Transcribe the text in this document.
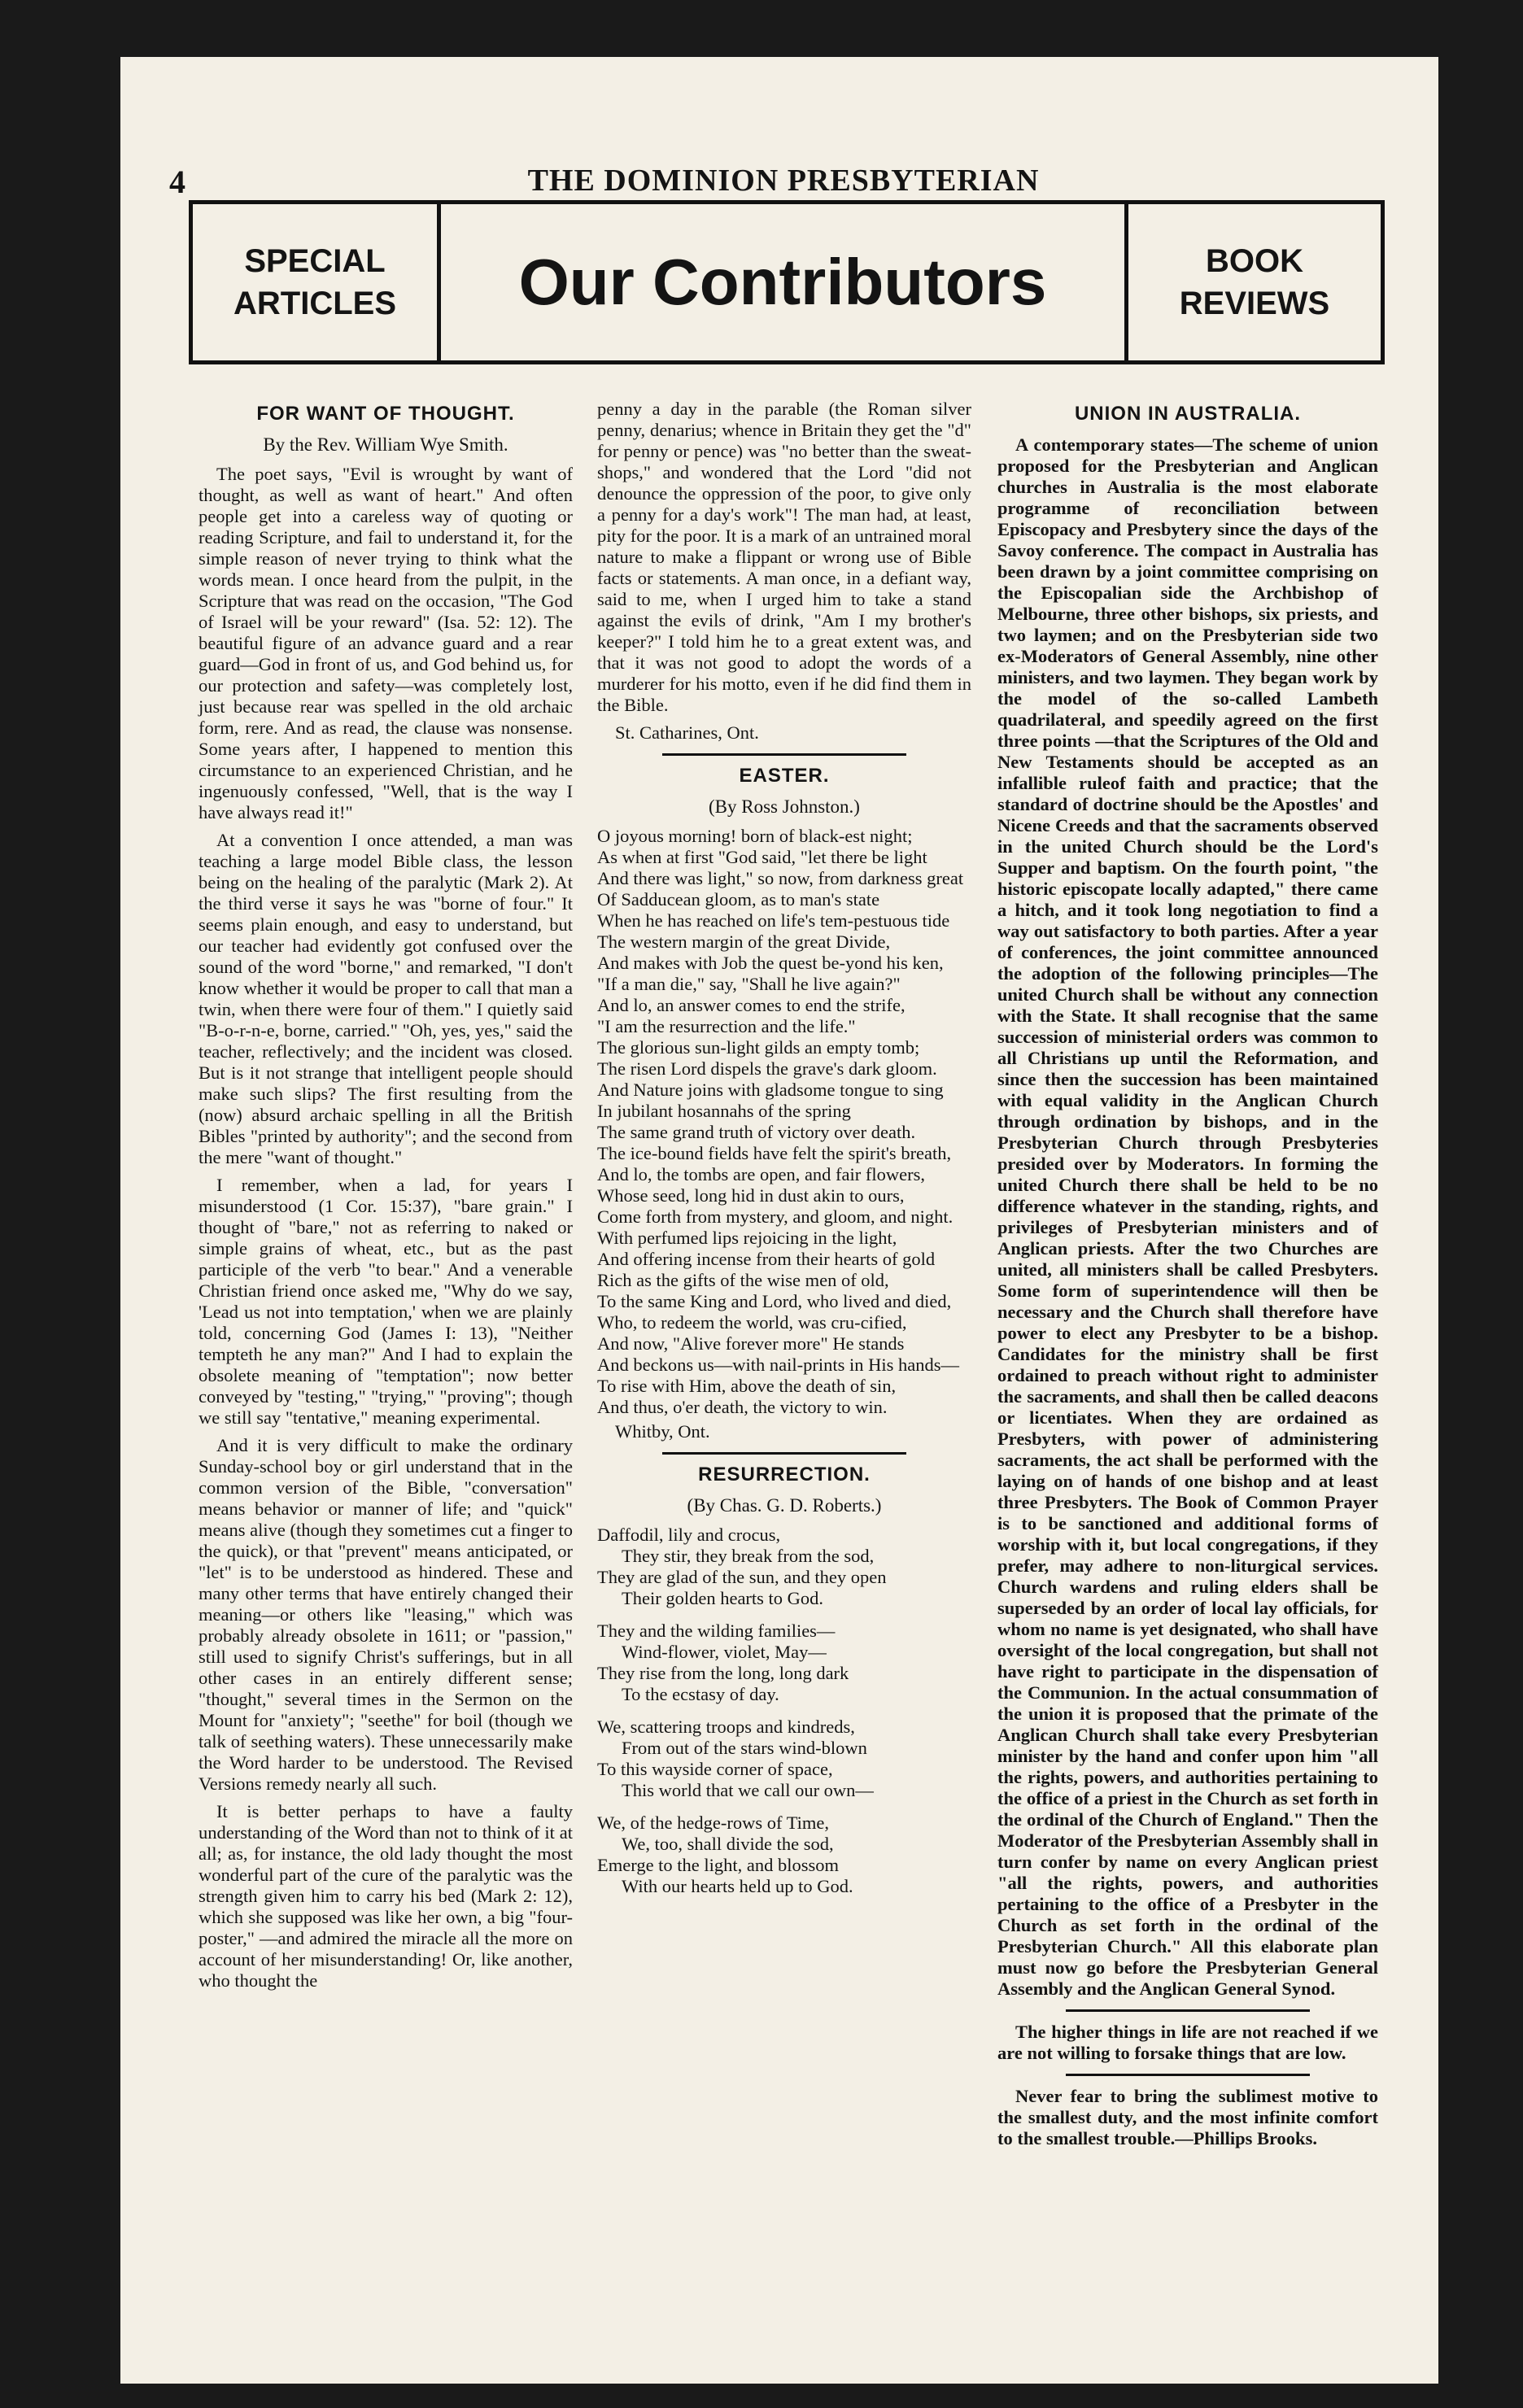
4	THE DOMINION PRESBYTERIAN
SPECIAL
ARTICLES	Our Contributors	BOOK
REVIEWS
FOR WANT OF THOUGHT.
By the Rev. William Wye Smith.

The poet says, "Evil is wrought by want of thought, as well as want of heart." And often people get into a careless way of quoting or reading Scripture, and fail to understand it, for the simple reason of never trying to think what the words mean. I once heard from the pulpit, in the Scripture that was read on the occasion, "The God of Israel will be your reward" (Isa. 52: 12). The beautiful figure of an advance guard and a rear guard—God in front of us, and God behind us, for our protection and safety—was completely lost, just because rear was spelled in the old archaic form, rere. And as read, the clause was nonsense. Some years after, I happened to mention this circumstance to an experienced Christian, and he ingenuously confessed, "Well, that is the way I have always read it!"

At a convention I once attended, a man was teaching a large model Bible class, the lesson being on the healing of the paralytic (Mark 2). At the third verse it says he was "borne of four." It seems plain enough, and easy to understand, but our teacher had evidently got confused over the sound of the word "borne," and remarked, "I don't know whether it would be proper to call that man a twin, when there were four of them." I quietly said "B-o-r-n-e, borne, carried." "Oh, yes, yes," said the teacher, reflectively; and the incident was closed. But is it not strange that intelligent people should make such slips? The first resulting from the (now) absurd archaic spelling in all the British Bibles "printed by authority"; and the second from the mere "want of thought."

I remember, when a lad, for years I misunderstood (1 Cor. 15:37), "bare grain." I thought of "bare," not as referring to naked or simple grains of wheat, etc., but as the past participle of the verb "to bear." And a venerable Christian friend once asked me, "Why do we say, 'Lead us not into temptation,' when we are plainly told, concerning God (James I: 13), "Neither tempteth he any man?" And I had to explain the obsolete meaning of "temptation"; now better conveyed by "testing," "trying," "proving"; though we still say "tentative," meaning experimental.

And it is very difficult to make the ordinary Sunday-school boy or girl understand that in the common version of the Bible, "conversation" means behavior or manner of life; and "quick" means alive (though they sometimes cut a finger to the quick), or that "prevent" means anticipated, or "let" is to be understood as hindered. These and many other terms that have entirely changed their meaning—or others like "leasing," which was probably already obsolete in 1611; or "passion," still used to signify Christ's sufferings, but in all other cases in an entirely different sense; "thought," several times in the Sermon on the Mount for "anxiety"; "seethe" for boil (though we talk of seething waters). These unnecessarily make the Word harder to be understood. The Revised Versions remedy nearly all such.

It is better perhaps to have a faulty understanding of the Word than not to think of it at all; as, for instance, the old lady thought the most wonderful part of the cure of the paralytic was the strength given him to carry his bed (Mark 2: 12), which she supposed was like her own, a big "four-poster," —and admired the miracle all the more on account of her misunderstanding! Or, like another, who thought the

penny a day in the parable (the Roman silver penny, denarius; whence in Britain they get the "d" for penny or pence) was "no better than the sweat-shops," and wondered that the Lord "did not denounce the oppression of the poor, to give only a penny for a day's work"! The man had, at least, pity for the poor. It is a mark of an untrained moral nature to make a flippant or wrong use of Bible facts or statements. A man once, in a defiant way, said to me, when I urged him to take a stand against the evils of drink, "Am I my brother's keeper?" I told him he to a great extent was, and that it was not good to adopt the words of a murderer for his motto, even if he did find them in the Bible.

St. Catharines, Ont.
EASTER.
(By Ross Johnston.)
O joyous morning! born of black-est night;
As when at first "God said, "let there be light
And there was light," so now, from darkness great
Of Sadducean gloom, as to man's state
When he has reached on life's tem-pestuous tide
The western margin of the great Divide,
And makes with Job the quest be-yond his ken,
"If a man die," say, "Shall he live again?"
And lo, an answer comes to end the strife,
"I am the resurrection and the life."
The glorious sun-light gilds an empty tomb;
The risen Lord dispels the grave's dark gloom.
And Nature joins with gladsome tongue to sing
In jubilant hosannahs of the spring
The same grand truth of victory over death.
The ice-bound fields have felt the spirit's breath,
And lo, the tombs are open, and fair flowers,
Whose seed, long hid in dust akin to ours,
Come forth from mystery, and gloom, and night.
With perfumed lips rejoicing in the light,
And offering incense from their hearts of gold
Rich as the gifts of the wise men of old,
To the same King and Lord, who lived and died,
Who, to redeem the world, was cru-cified,
And now, "Alive forever more" He stands
And beckons us—with nail-prints in His hands—
To rise with Him, above the death of sin,
And thus, o'er death, the victory to win.
Whitby, Ont.
RESURRECTION.
(By Chas. G. D. Roberts.)
Daffodil, lily and crocus,
They stir, they break from the sod,
They are glad of the sun, and they open
Their golden hearts to God.
They and the wilding families—
Wind-flower, violet, May—
They rise from the long, long dark
To the ecstasy of day.
We, scattering troops and kindreds,
From out of the stars wind-blown
To this wayside corner of space,
This world that we call our own—
We, of the hedge-rows of Time,
We, too, shall divide the sod,
Emerge to the light, and blossom
With our hearts held up to God.
UNION IN AUSTRALIA.

A contemporary states—The scheme of union proposed for the Presbyterian and Anglican churches in Australia is the most elaborate programme of reconciliation between Episcopacy and Presbytery since the days of the Savoy conference. The compact in Australia has been drawn by a joint committee comprising on the Episcopalian side the Archbishop of Melbourne, three other bishops, six priests, and two laymen; and on the Presbyterian side two ex-Moderators of General Assembly, nine other ministers, and two laymen. They began work by the model of the so-called Lambeth quadrilateral, and speedily agreed on the first three points —that the Scriptures of the Old and New Testaments should be accepted as an infallible ruleof faith and practice; that the standard of doctrine should be the Apostles' and Nicene Creeds and that the sacraments observed in the united Church should be the Lord's Supper and baptism. On the fourth point, "the historic episcopate locally adapted," there came a hitch, and it took long negotiation to find a way out satisfactory to both parties. After a year of conferences, the joint committee announced the adoption of the following principles—The united Church shall be without any connection with the State. It shall recognise that the same succession of ministerial orders was common to all Christians up until the Reformation, and since then the succession has been maintained with equal validity in the Anglican Church through ordination by bishops, and in the Presbyterian Church through Presbyteries presided over by Moderators. In forming the united Church there shall be held to be no difference whatever in the standing, rights, and privileges of Presbyterian ministers and of Anglican priests. After the two Churches are united, all ministers shall be called Presbyters. Some form of superintendence will then be necessary and the Church shall therefore have power to elect any Presbyter to be a bishop. Candidates for the ministry shall be first ordained to preach without right to administer the sacraments, and shall then be called deacons or licentiates. When they are ordained as Presbyters, with power of administering sacraments, the act shall be performed with the laying on of hands of one bishop and at least three Presbyters. The Book of Common Prayer is to be sanctioned and additional forms of worship with it, but local congregations, if they prefer, may adhere to non-liturgical services. Church wardens and ruling elders shall be superseded by an order of local lay officials, for whom no name is yet designated, who shall have oversight of the local congregation, but shall not have right to participate in the dispensation of the Communion. In the actual consummation of the union it is proposed that the primate of the Anglican Church shall take every Presbyterian minister by the hand and confer upon him "all the rights, powers, and authorities pertaining to the office of a priest in the Church as set forth in the ordinal of the Church of England." Then the Moderator of the Presbyterian Assembly shall in turn confer by name on every Anglican priest "all the rights, powers, and authorities pertaining to the office of a Presbyter in the Church as set forth in the ordinal of the Presbyterian Church." All this elaborate plan must now go before the Presbyterian General Assembly and the Anglican General Synod.

The higher things in life are not reached if we are not willing to forsake things that are low.

Never fear to bring the sublimest motive to the smallest duty, and the most infinite comfort to the smallest trouble.—Phillips Brooks.
